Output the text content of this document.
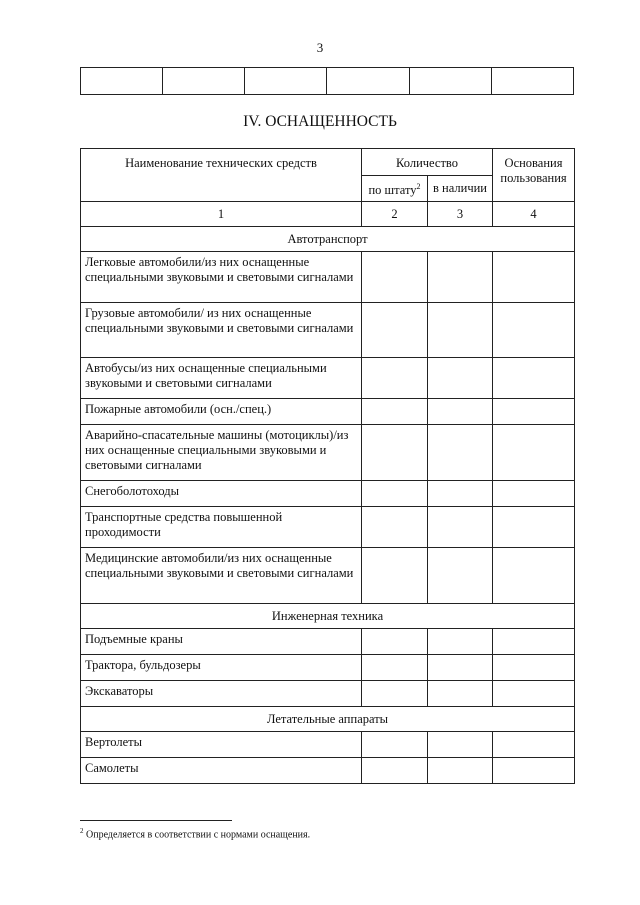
3

IV. ОСНАЩЕННОСТЬ
Наименование технических средств	Количество		Основания пользования
	по штату$^2$	в наличии	
1	2	3	4
Автотранспорт			
Легковые автомобили/из них оснащенные специальными звуковыми и световыми сигналами			
Грузовые автомобили/ из них оснащенные специальными звуковыми и световыми сигналами			
Автобусы/из них оснащенные специальными звуковыми и световыми сигналами			
Пожарные автомобили (осн./спец.)			
Аварийно-спасательные машины (мотоциклы)/из них оснащенные специальными звуковыми и световыми сигналами			
Снегоболотоходы			
Транспортные средства повышенной проходимости			
Медицинские автомобили/из них оснащенные специальными звуковыми и световыми сигналами			
Инженерная техника			
Подъемные краны			
Трактора, бульдозеры			
Экскаваторы			
Летательные аппараты			
Вертолеты			
Самолеты			
$^2$ Определяется в соответствии с нормами оснащения.
